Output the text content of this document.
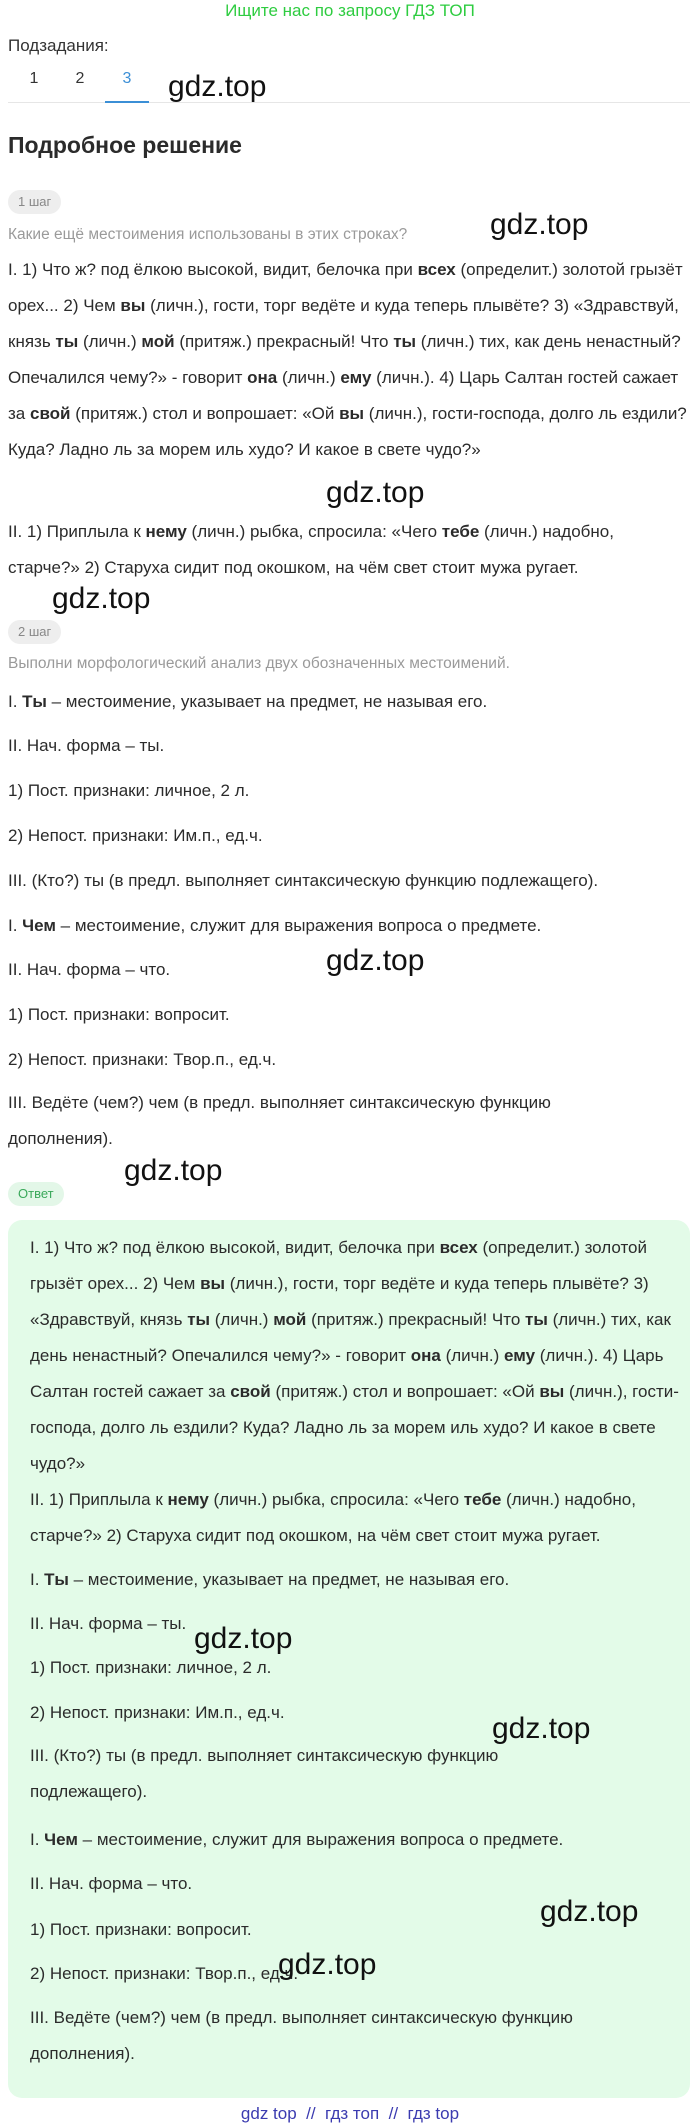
Ищите нас по запросу ГДЗ ТОП
Подзадания:
1	2	3	gdz.top
Подробное решение
1 шаг
Какие ещё местоимения использованы в этих строках?	gdz.top
I. 1) Что ж? под ёлкою высокой, видит, белочка при всех (определит.) золотой грызёт орех... 2) Чем вы (личн.), гости, торг ведёте и куда теперь плывёте? 3) «Здравствуй, князь ты (личн.) мой (притяж.) прекрасный! Что ты (личн.) тих, как день ненастный? Опечалился чему?» - говорит она (личн.) ему (личн.). 4) Царь Салтан гостей сажает за свой (притяж.) стол и вопрошает: «Ой вы (личн.), гости-господа, долго ль ездили? Куда? Ладно ль за морем иль худо? И какое в свете чудо?»
gdz.top
II. 1) Приплыла к нему (личн.) рыбка, спросила: «Чего тебе (личн.) надобно, старче?» 2) Старуха сидит под окошком, на чём свет стоит мужа ругает.
gdz.top
2 шаг
Выполни морфологический анализ двух обозначенных местоимений.
I. Ты – местоимение, указывает на предмет, не называя его.
II. Нач. форма – ты.
1) Пост. признаки: личное, 2 л.
2) Непост. признаки: Им.п., ед.ч.
III. (Кто?) ты (в предл. выполняет синтаксическую функцию подлежащего).
I. Чем – местоимение, служит для выражения вопроса о предмете.
gdz.top
II. Нач. форма – что.
1) Пост. признаки: вопросит.
2) Непост. признаки: Твор.п., ед.ч.
III. Ведёте (чем?) чем (в предл. выполняет синтаксическую функцию дополнения).
gdz.top
Ответ
I. 1) Что ж? под ёлкою высокой, видит, белочка при всех (определит.) золотой грызёт орех... 2) Чем вы (личн.), гости, торг ведёте и куда теперь плывёте? 3) «Здравствуй, князь ты (личн.) мой (притяж.) прекрасный! Что ты (личн.) тих, как день ненастный? Опечалился чему?» - говорит она (личн.) ему (личн.). 4) Царь Салтан гостей сажает за свой (притяж.) стол и вопрошает: «Ой вы (личн.), гости-господа, долго ль ездили? Куда? Ладно ль за морем иль худо? И какое в свете чудо?»
II. 1) Приплыла к нему (личн.) рыбка, спросила: «Чего тебе (личн.) надобно, старче?» 2) Старуха сидит под окошком, на чём свет стоит мужа ругает.
I. Ты – местоимение, указывает на предмет, не называя его.
II. Нач. форма – ты.
1) Пост. признаки: личное, 2 л.
2) Непост. признаки: Им.п., ед.ч.
III. (Кто?) ты (в предл. выполняет синтаксическую функцию подлежащего).
I. Чем – местоимение, служит для выражения вопроса о предмете.
II. Нач. форма – что.
1) Пост. признаки: вопросит.
2) Непост. признаки: Твор.п., ед.ч.
III. Ведёте (чем?) чем (в предл. выполняет синтаксическую функцию дополнения).
gdz.top
gdz.top
gdz.top
gdz.top
gdz top // гдз топ // гдз top
